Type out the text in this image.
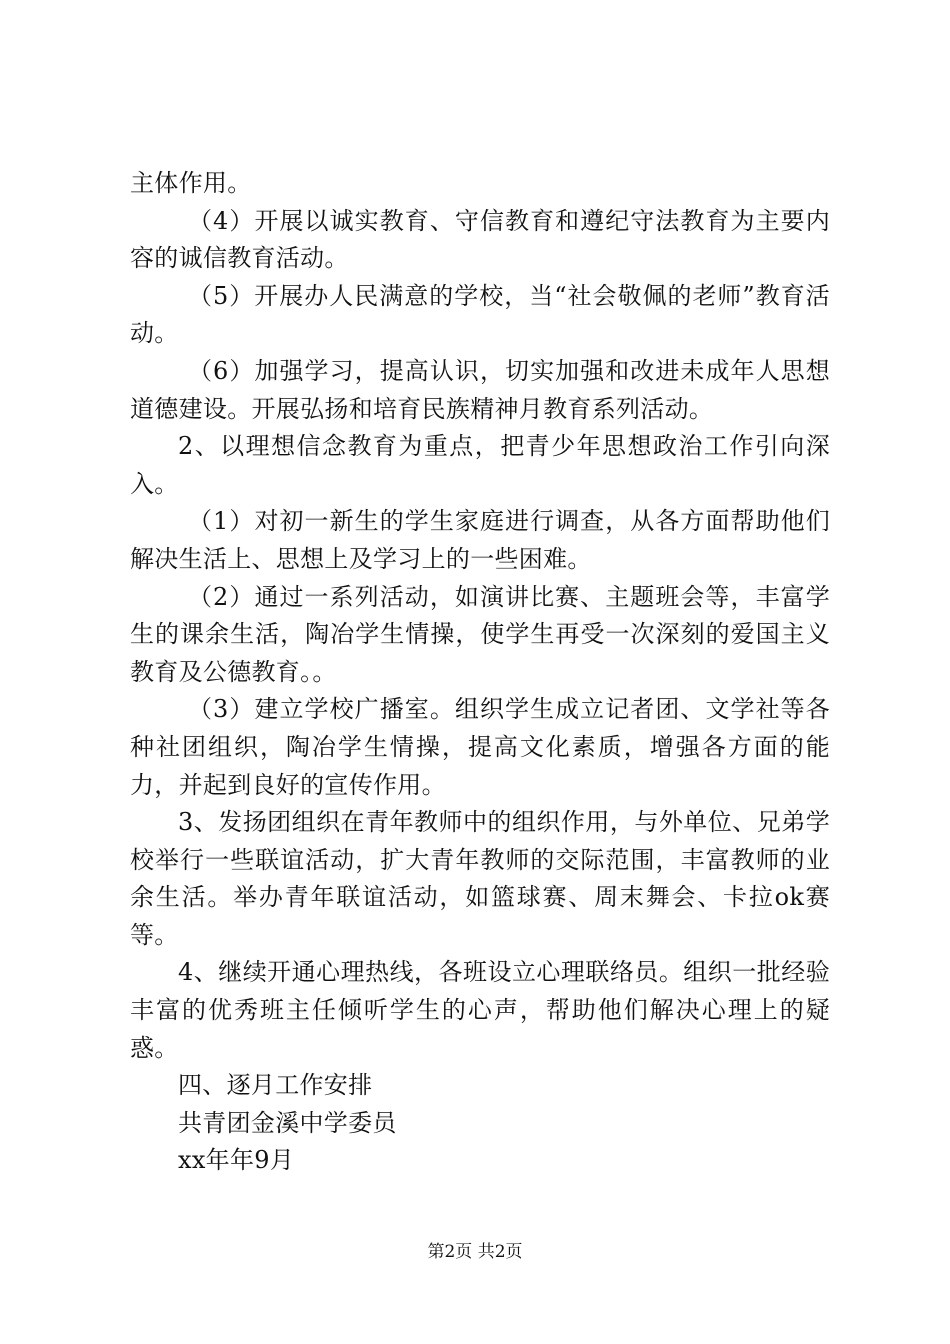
主体作用。

（4）开展以诚实教育、守信教育和遵纪守法教育为主要内容的诚信教育活动。

（5）开展办人民满意的学校，当“社会敬佩的老师”教育活动。

（6）加强学习，提高认识，切实加强和改进未成年人思想道德建设。开展弘扬和培育民族精神月教育系列活动。

2、以理想信念教育为重点，把青少年思想政治工作引向深入。

（1）对初一新生的学生家庭进行调查，从各方面帮助他们解决生活上、思想上及学习上的一些困难。

（2）通过一系列活动，如演讲比赛、主题班会等，丰富学生的课余生活，陶冶学生情操，使学生再受一次深刻的爱国主义教育及公德教育。。

（3）建立学校广播室。组织学生成立记者团、文学社等各种社团组织，陶冶学生情操，提高文化素质，增强各方面的能力，并起到良好的宣传作用。

3、发扬团组织在青年教师中的组织作用，与外单位、兄弟学校举行一些联谊活动，扩大青年教师的交际范围，丰富教师的业余生活。举办青年联谊活动，如篮球赛、周末舞会、卡拉ok赛等。

4、继续开通心理热线，各班设立心理联络员。组织一批经验丰富的优秀班主任倾听学生的心声，帮助他们解决心理上的疑惑。

四、逐月工作安排

共青团金溪中学委员

xx年年9月

第2页 共2页
